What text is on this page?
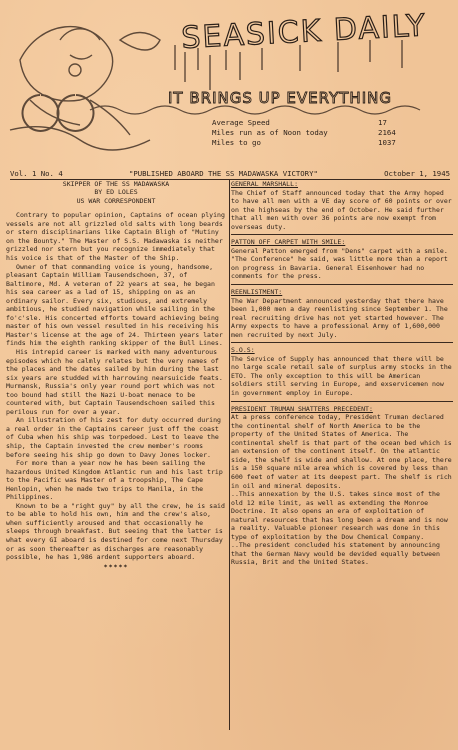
SEASICK DAILY
IT BRINGS UP EVERYTHING
Average Speed	17
Miles run as of Noon today	2164
Miles to go	1037
Vol. 1 No. 4	"PUBLISHED ABOARD THE SS MADAWASKA VICTORY"	October 1, 1945
SKIPPER OF THE SS MADAWASKA
BY ED LOLES
US WAR CORRESPONDENT

Contrary to popular opinion, Captains of ocean plying vessels are not all grizzled old salts with long beards or stern disciplinarians like Captain Bligh of "Mutiny on the Bounty." The Master of S.S. Madawaska is neither grizzled nor stern but you recognize immediately that his voice is that of the Master of the Ship.

Owner of that commanding voice is young, handsome, pleasant Captain William Tausendschoen, 37, of Baltimore, Md. A veteran of 22 years at sea, he began his sea career as a lad of 15, shipping on as an ordinary sailor. Every six, studious, and extremely ambitious, he studied navigation while sailing in the fo'c'sle. His concerted efforts toward achieving being master of his own vessel resulted in his receiving his Master's license at the age of 24. Thirteen years later finds him the eighth ranking skipper of the Bull Lines.

His intrepid career is marked with many adventurous episodes which he calmly relates but the very names of the places and the dates sailed by him during the last six years are studded with harrowing nearsuicide feats. Murmansk, Russia's only year round port which was not too bound had still the Nazi U-boat menace to be countered with, but Captain Tausendschoen sailed this perilous run for over a year.

An illustration of his zest for duty occurred during a real order in the Captains career just off the coast of Cuba when his ship was torpedoed. Lest to leave the ship, the Captain invested the crew member's rooms before seeing his ship go down to Davy Jones locker.

For more than a year now he has been sailing the hazardous United Kingdom Atlantic run and his last trip to the Pacific was Master of a troopship, The Cape Henlopin, when he made two trips to Manila, in the Philippines.

Known to be a "right guy" by all the crew, he is said to be able to hold his own, him and the crew's also, when sufficiently aroused and that occasionally he sleeps through breakfast. But seeing that the latter is what every GI aboard is destined for come next Thursday or as soon thereafter as discharges are reasonably possible, he has 1,986 ardent supporters aboard.

*****
GENERAL MARSHALL:

The Chief of Staff announced today that the Army hoped to have all men with a VE day score of 60 points or over on the highseas by the end of October. He said further that all men with over 36 points are now exempt from overseas duty.

PATTON OFF CARPET WITH SMILE:

General Patton emerged from "Dens" carpet with a smile. "The Conference" he said, was little more than a report on progress in Bavaria. General Eisenhower had no comments for the press.

REENLISTMENT:

The War Department announced yesterday that there have been 1,000 men a day reenlisting since September 1. The real recruiting drive has not yet started however. The Army expects to have a professional Army of 1,600,000 men recruited by next July.

S.O.S:

The Service of Supply has announced that there will be no large scale retail sale of surplus army stocks in the ETO. The only exception to this will be American soldiers still serving in Europe, and exservicemen now in government employ in Europe.

PRESIDENT TRUMAN SHATTERS PRECEDENT:

At a press conference today, President Truman declared the continental shelf of North America to be the property of the United States of America. The continental shelf is that part of the ocean bed which is an extension of the continent itself. On the atlantic side, the shelf is wide and shallow. At one place, there is a 150 square mile area which is covered by less than 600 feet of water at its deepest part. The shelf is rich in oil and mineral deposits.

..This annexation by the U.S. takes since most of the old 12 mile limit, as well as extending the Monroe Doctrine. It also opens an era of exploitation of natural resources that has long been a dream and is now a reality. Valuable pioneer research was done in this type of exploitation by the Dow Chemical Company.

..The president concluded his statement by announcing that the German Navy would be devided equally between Russia, Brit and the United States.
